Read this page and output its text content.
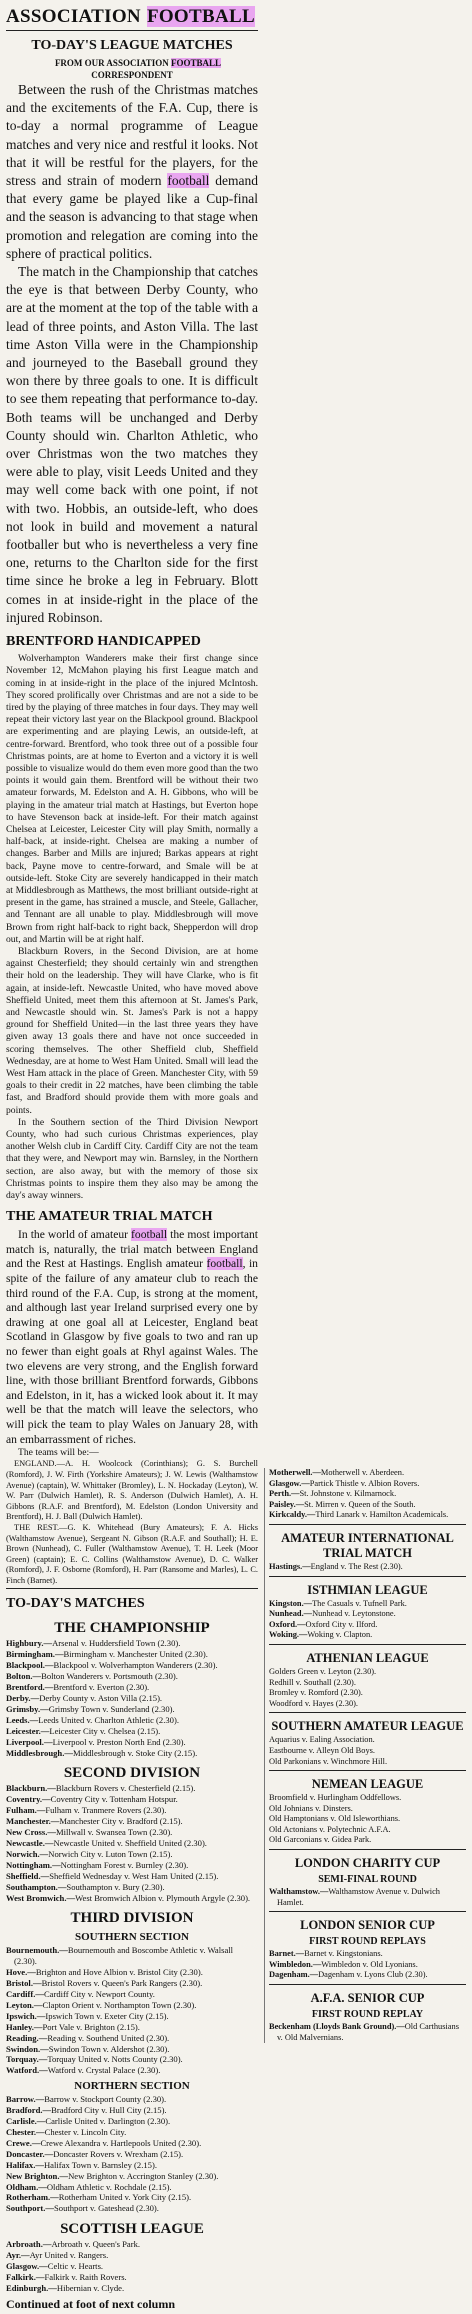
ASSOCIATION FOOTBALL
TO-DAY'S LEAGUE MATCHES

FROM OUR ASSOCIATION FOOTBALL
CORRESPONDENT

Between the rush of the Christmas matches and the excitements of the F.A. Cup, there is to-day a normal programme of League matches and very nice and restful it looks. Not that it will be restful for the players, for the stress and strain of modern football demand that every game be played like a Cup-final and the season is advancing to that stage when promotion and relegation are coming into the sphere of practical politics.

The match in the Championship that catches the eye is that between Derby County, who are at the moment at the top of the table with a lead of three points, and Aston Villa. The last time Aston Villa were in the Championship and journeyed to the Baseball ground they won there by three goals to one. It is difficult to see them repeating that performance to-day. Both teams will be unchanged and Derby County should win. Charlton Athletic, who over Christmas won the two matches they were able to play, visit Leeds United and they may well come back with one point, if not with two. Hobbis, an outside-left, who does not look in build and movement a natural footballer but who is nevertheless a very fine one, returns to the Charlton side for the first time since he broke a leg in February. Blott comes in at inside-right in the place of the injured Robinson.

BRENTFORD HANDICAPPED

Wolverhampton Wanderers make their first change since November 12, McMahon playing his first League match and coming in at inside-right in the place of the injured McIntosh. They scored prolifically over Christmas and are not a side to be tired by the playing of three matches in four days. They may well repeat their victory last year on the Blackpool ground. Blackpool are experimenting and are playing Lewis, an outside-left, at centre-forward. Brentford, who took three out of a possible four Christmas points, are at home to Everton and a victory it is well possible to visualize would do them even more good than the two points it would gain them. Brentford will be without their two amateur forwards, M. Edelston and A. H. Gibbons, who will be playing in the amateur trial match at Hastings, but Everton hope to have Stevenson back at inside-left. For their match against Chelsea at Leicester, Leicester City will play Smith, normally a half-back, at inside-right. Chelsea are making a number of changes. Barber and Mills are injured; Barkas appears at right back, Payne move to centre-forward, and Smale will be at outside-left. Stoke City are severely handicapped in their match at Middlesbrough as Matthews, the most brilliant outside-right at present in the game, has strained a muscle, and Steele, Gallacher, and Tennant are all unable to play. Middlesbrough will move Brown from right half-back to right back, Shepperdon will drop out, and Martin will be at right half.

Blackburn Rovers, in the Second Division, are at home against Chesterfield; they should certainly win and strengthen their hold on the leadership. They will have Clarke, who is fit again, at inside-left. Newcastle United, who have moved above Sheffield United, meet them this afternoon at St. James's Park, and Newcastle should win. St. James's Park is not a happy ground for Sheffield United—in the last three years they have given away 13 goals there and have not once succeeded in scoring themselves. The other Sheffield club, Sheffield Wednesday, are at home to West Ham United. Small will lead the West Ham attack in the place of Green. Manchester City, with 59 goals to their credit in 22 matches, have been climbing the table fast, and Bradford should provide them with more goals and points.

In the Southern section of the Third Division Newport County, who had such curious Christmas experiences, play another Welsh club in Cardiff City. Cardiff City are not the team that they were, and Newport may win. Barnsley, in the Northern section, are also away, but with the memory of those six Christmas points to inspire them they also may be among the day's away winners.

THE AMATEUR TRIAL MATCH

In the world of amateur football the most important match is, naturally, the trial match between England and the Rest at Hastings. English amateur football, in spite of the failure of any amateur club to reach the third round of the F.A. Cup, is strong at the moment, and although last year Ireland surprised every one by drawing at one goal all at Leicester, England beat Scotland in Glasgow by five goals to two and ran up no fewer than eight goals at Rhyl against Wales. The two elevens are very strong, and the English forward line, with those brilliant Brentford forwards, Gibbons and Edelston, in it, has a wicked look about it. It may well be that the match will leave the selectors, who will pick the team to play Wales on January 28, with an embarrassment of riches.

The teams will be:—

ENGLAND.—A. H. Woolcock (Corinthians); G. S. Burchell (Romford), J. W. Firth (Yorkshire Amateurs); J. W. Lewis (Walthamstow Avenue) (captain), W. Whittaker (Bromley), L. N. Hockaday (Leyton), W. W. Parr (Dulwich Hamlet), R. S. Anderson (Dulwich Hamlet), A. H. Gibbons (R.A.F. and Brentford), M. Edelston (London University and Brentford), H. J. Ball (Dulwich Hamlet).

THE REST.—G. K. Whitehead (Bury Amateurs); F. A. Hicks (Walthamstow Avenue), Sergeant N. Gibson (R.A.F. and Southall); H. E. Brown (Nunhead), C. Fuller (Walthamstow Avenue), T. H. Leek (Moor Green) (captain); E. C. Collins (Walthamstow Avenue), D. C. Walker (Romford), J. F. Osborne (Romford), H. Parr (Ransome and Marles), L. C. Finch (Barnet).

TO-DAY'S MATCHES
THE CHAMPIONSHIP
Highbury.—Arsenal v. Huddersfield Town (2.30).
Birmingham.—Birmingham v. Manchester United (2.30).
Blackpool.—Blackpool v. Wolverhampton Wanderers (2.30).
Bolton.—Bolton Wanderers v. Portsmouth (2.30).
Brentford.—Brentford v. Everton (2.30).
Derby.—Derby County v. Aston Villa (2.15).
Grimsby.—Grimsby Town v. Sunderland (2.30).
Leeds.—Leeds United v. Charlton Athletic (2.30).
Leicester.—Leicester City v. Chelsea (2.15).
Liverpool.—Liverpool v. Preston North End (2.30).
Middlesbrough.—Middlesbrough v. Stoke City (2.15).
SECOND DIVISION
Blackburn.—Blackburn Rovers v. Chesterfield (2.15).
Coventry.—Coventry City v. Tottenham Hotspur.
Fulham.—Fulham v. Tranmere Rovers (2.30).
Manchester.—Manchester City v. Bradford (2.15).
New Cross.—Millwall v. Swansea Town (2.30).
Newcastle.—Newcastle United v. Sheffield United (2.30).
Norwich.—Norwich City v. Luton Town (2.15).
Nottingham.—Nottingham Forest v. Burnley (2.30).
Sheffield.—Sheffield Wednesday v. West Ham United (2.15).
Southampton.—Southampton v. Bury (2.30).
West Bromwich.—West Bromwich Albion v. Plymouth Argyle (2.30).
THIRD DIVISION
SOUTHERN SECTION
Bournemouth.—Bournemouth and Boscombe Athletic v. Walsall (2.30).
Hove.—Brighton and Hove Albion v. Bristol City (2.30).
Bristol.—Bristol Rovers v. Queen's Park Rangers (2.30).
Cardiff.—Cardiff City v. Newport County.
Leyton.—Clapton Orient v. Northampton Town (2.30).
Ipswich.—Ipswich Town v. Exeter City (2.15).
Hanley.—Port Vale v. Brighton (2.15).
Reading.—Reading v. Southend United (2.30).
Swindon.—Swindon Town v. Aldershot (2.30).
Torquay.—Torquay United v. Notts County (2.30).
Watford.—Watford v. Crystal Palace (2.30).
NORTHERN SECTION
Barrow.—Barrow v. Stockport County (2.30).
Bradford.—Bradford City v. Hull City (2.15).
Carlisle.—Carlisle United v. Darlington (2.30).
Chester.—Chester v. Lincoln City.
Crewe.—Crewe Alexandra v. Hartlepools United (2.30).
Doncaster.—Doncaster Rovers v. Wrexham (2.15).
Halifax.—Halifax Town v. Barnsley (2.15).
New Brighton.—New Brighton v. Accrington Stanley (2.30).
Oldham.—Oldham Athletic v. Rochdale (2.15).
Rotherham.—Rotherham United v. York City (2.15).
Southport.—Southport v. Gateshead (2.30).
SCOTTISH LEAGUE
Arbroath.—Arbroath v. Queen's Park.
Ayr.—Ayr United v. Rangers.
Glasgow.—Celtic v. Hearts.
Falkirk.—Falkirk v. Raith Rovers.
Edinburgh.—Hibernian v. Clyde.
Continued at foot of next column
Motherwell.—Motherwell v. Aberdeen.
Glasgow.—Partick Thistle v. Albion Rovers.
Perth.—St. Johnstone v. Kilmarnock.
Paisley.—St. Mirren v. Queen of the South.
Kirkcaldy.—Third Lanark v. Hamilton Academicals.
AMATEUR INTERNATIONAL TRIAL MATCH
Hastings.—England v. The Rest (2.30).
ISTHMIAN LEAGUE
Kingston.—The Casuals v. Tufnell Park.
Nunhead.—Nunhead v. Leytonstone.
Oxford.—Oxford City v. Ilford.
Woking.—Woking v. Clapton.
ATHENIAN LEAGUE
Golders Green v. Leyton (2.30).
Redhill v. Southall (2.30).
Bromley v. Romford (2.30).
Woodford v. Hayes (2.30).
SOUTHERN AMATEUR LEAGUE
Aquarius v. Ealing Association.
Eastbourne v. Alleyn Old Boys.
Old Parkonians v. Winchmore Hill.
NEMEAN LEAGUE
Broomfield v. Hurlingham Oddfellows.
Old Johnians v. Dinsters.
Old Hamptonians v. Old Isleworthians.
Old Actonians v. Polytechnic A.F.A.
Old Garconians v. Gidea Park.
LONDON CHARITY CUP
SEMI-FINAL ROUND
Walthamstow.—Walthamstow Avenue v. Dulwich Hamlet.
LONDON SENIOR CUP
FIRST ROUND REPLAYS
Barnet.—Barnet v. Kingstonians.
Wimbledon.—Wimbledon v. Old Lyonians.
Dagenham.—Dagenham v. Lyons Club (2.30).
A.F.A. SENIOR CUP
FIRST ROUND REPLAY
Beckenham (Lloyds Bank Ground).—Old Carthusians v. Old Malvernians.
